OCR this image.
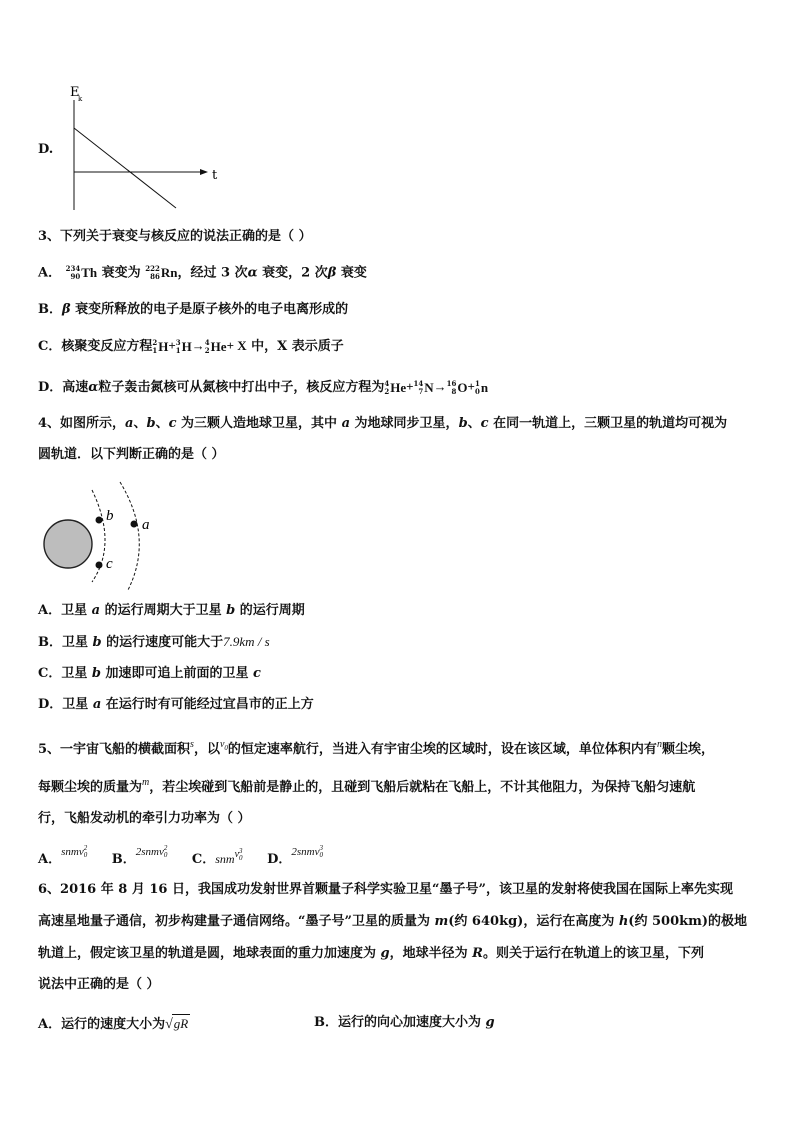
D.
E
k
t
3、下列关于衰变与核反应的说法正确的是（ ）
A． 234
90 Th 衰变为 222
86 Rn ，经过 3 次α 衰变，2 次β 衰变
B．β 衰变所释放的电子是原子核外的电子电离形成的
C．核聚变反应方程 2
1 H + 3
1 H → 4
2 He + X 中，X 表示质子
D．高速α粒子轰击氮核可从氮核中打出中子，核反应方程为 4
2 He + 14
7 N → 16
8 O + 1
0 n
4、如图所示，a、b、c 为三颗人造地球卫星，其中 a 为地球同步卫星，b、c 在同一轨道上，三颗卫星的轨道均可视为
圆轨道．以下判断正确的是（ ）
b
c
a
A．卫星 a 的运行周期大于卫星 b 的运行周期
B．卫星 b 的运行速度可能大于7.9km / s
C．卫星 b 加速即可追上前面的卫星 c
D．卫星 a 在运行时有可能经过宜昌市的正上方
5、一宇宙飞船的横截面积$^s$，以$^{v_0}$的恒定速率航行，当进入有宇宙尘埃的区域时，设在该区域，单位体积内有$^n$颗尘埃，
每颗尘埃的质量为$^m$，若尘埃碰到飞船前是静止的，且碰到飞船后就粘在飞船上，不计其他阻力，为保持飞船匀速航
行，飞船发动机的牵引力功率为（ ）
A．$^{snmv 2 0}$ B．$^{2snmv 2 0}$ C．snm$^{v 3 0}$ D．$^{2snmv 3 0}$
6、2016 年 8 月 16 日，我国成功发射世界首颗量子科学实验卫星“墨子号”，该卫星的发射将使我国在国际上率先实现
高速星地量子通信，初步构建量子通信网络。“墨子号”卫星的质量为 m(约 640kg)，运行在高度为 h(约 500km)的极地
轨道上，假定该卫星的轨道是圆，地球表面的重力加速度为 g，地球半径为 R。则关于运行在轨道上的该卫星，下列
说法中正确的是（ ）
A．运行的速度大小为√gR	B．运行的向心加速度大小为 g
